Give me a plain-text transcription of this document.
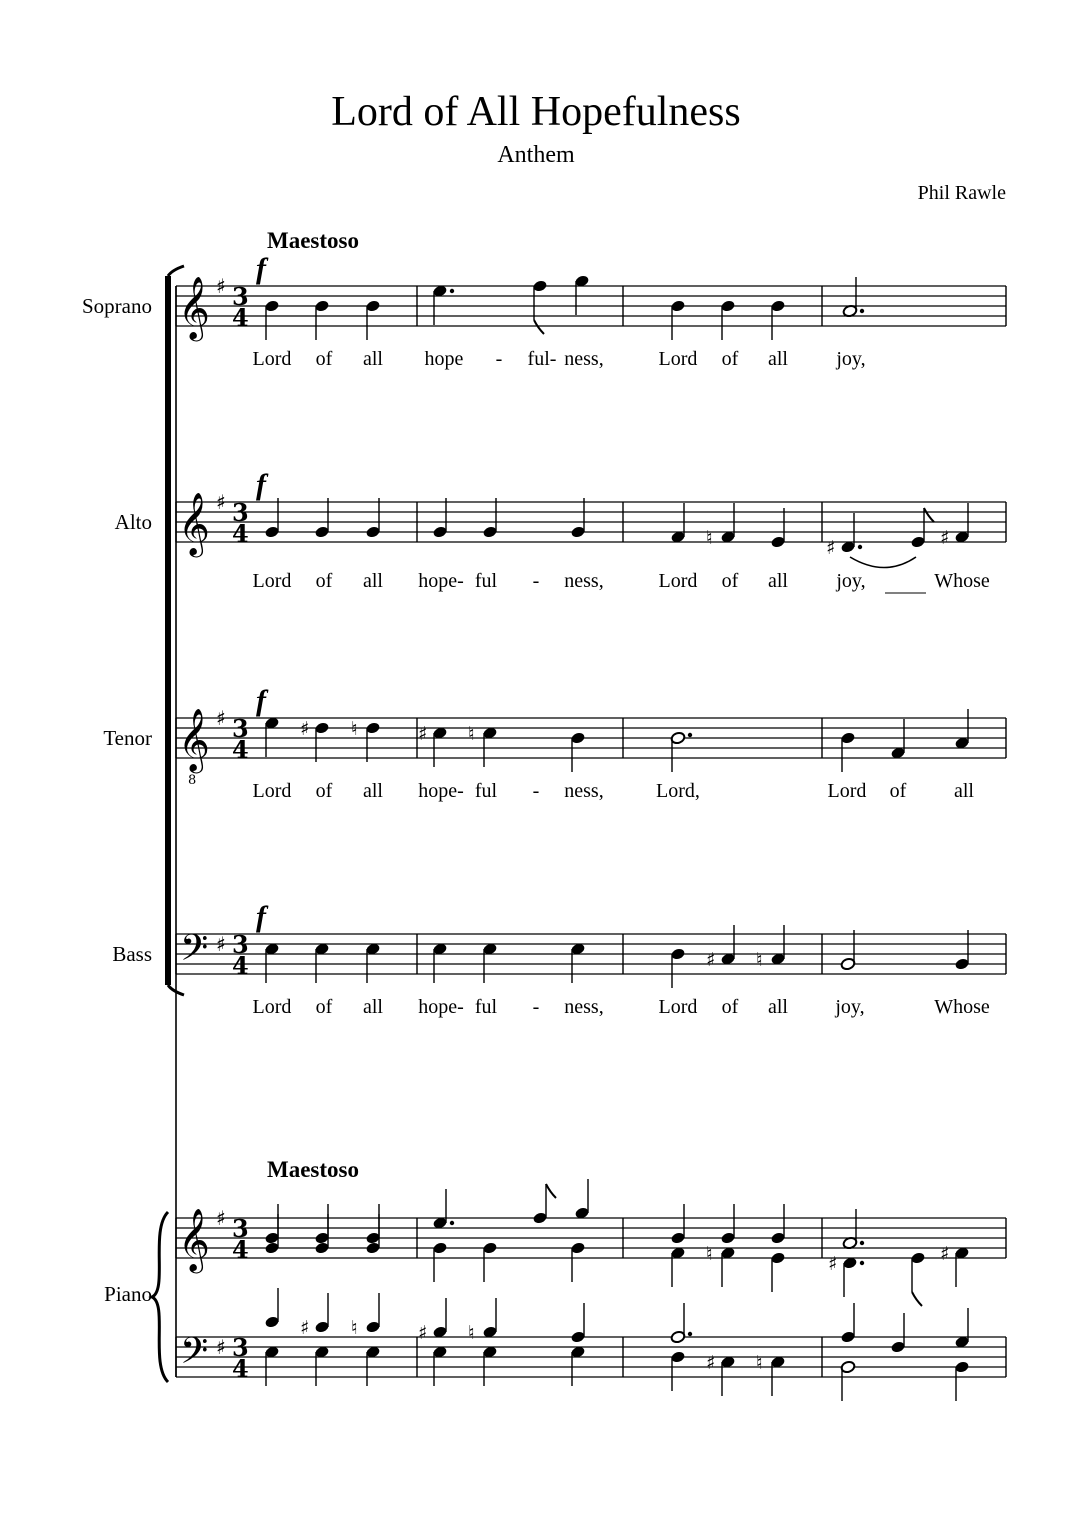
Lord of All Hopefulness
Anthem
Phil Rawle
Maestoso
Maestoso
Soprano
Alto
Tenor
Bass
Piano
f
f
f
f
Lord of all hope - ful- ness,	Lord of all joy,
Lord of all hope- ful - ness,	Lord of all joy,	Whose
Lord of all hope- ful - ness,	Lord,	Lord of all
Lord of all hope- ful - ness,	Lord of all joy,	Whose
𝄞 ♯ 3
4
𝄞 ♯ 3
4
𝄞
8
♯ 3
4
𝄢 ♯ 3
4
𝄞 ♯ 3
4
𝄢 ♯ 3
4
♮	♯	♯
♯ ♮	♯ ♮
♯ ♮
♮	♯	♯
♯ ♮	♯ ♮
♯ ♮
